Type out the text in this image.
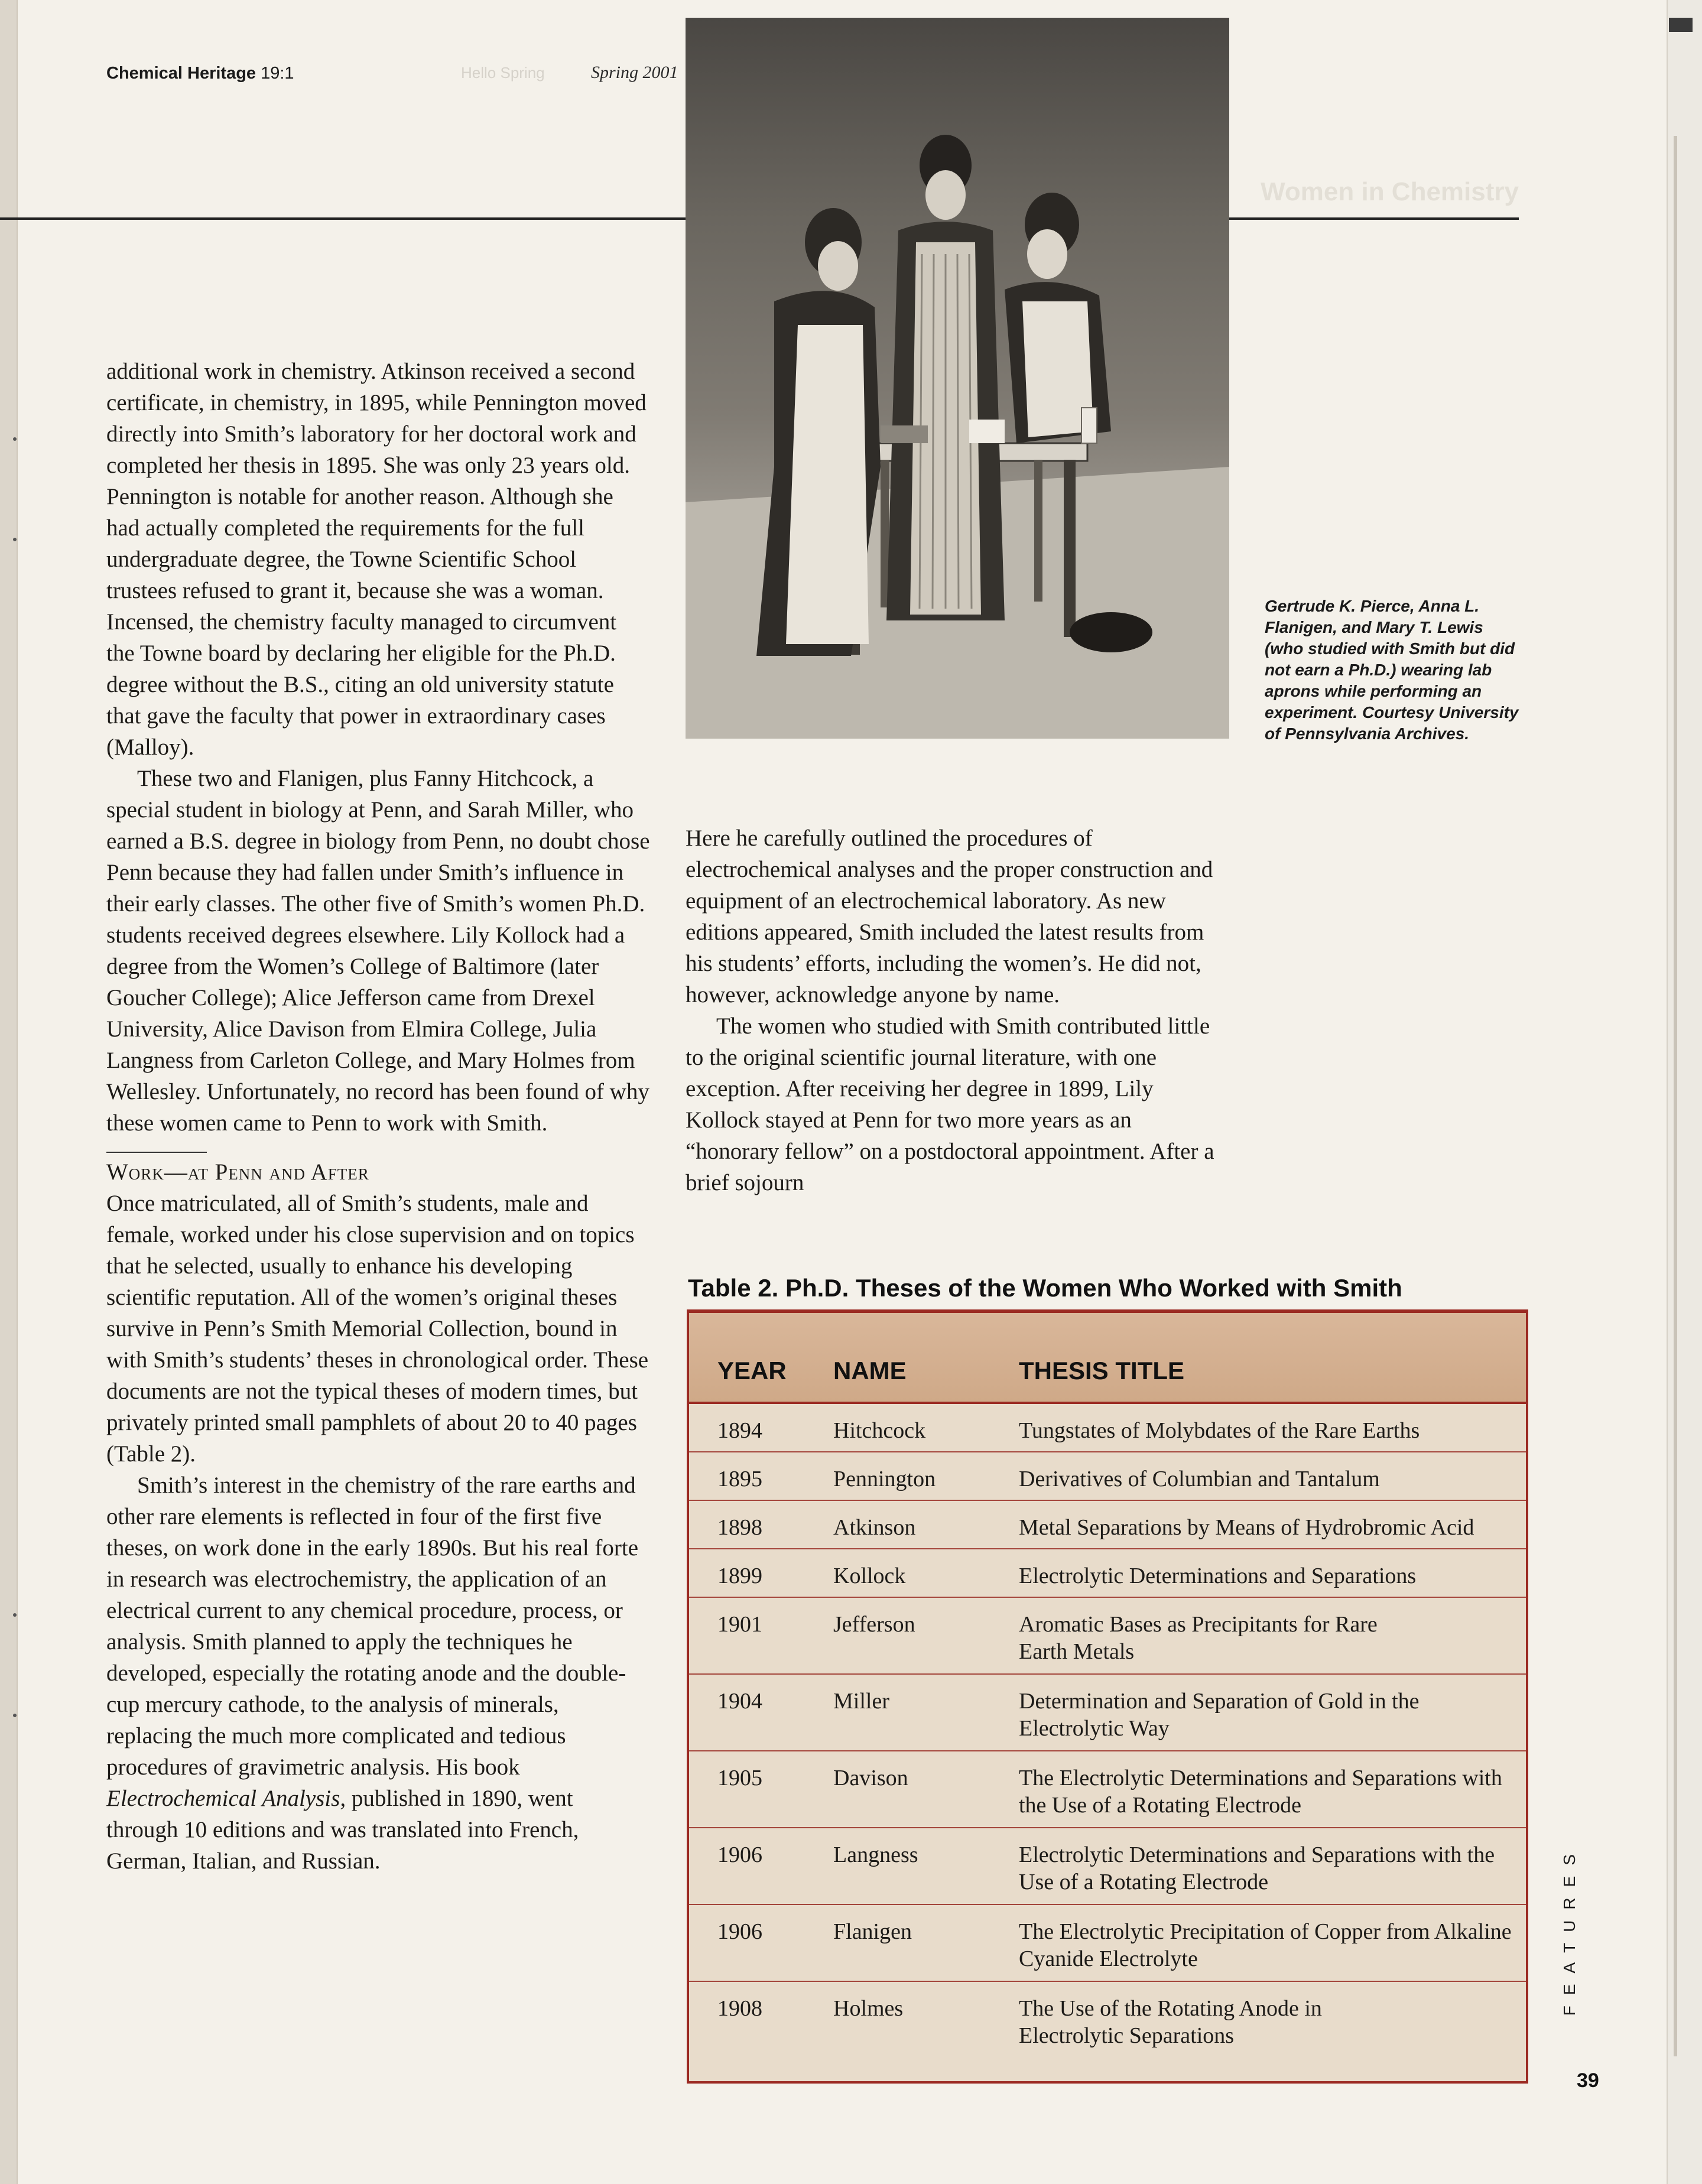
Chemical Heritage 19:1	Hello Spring	Spring 2001
Women in Chemistry
Gertrude K. Pierce, Anna L. Flanigen, and Mary T. Lewis (who studied with Smith but did not earn a Ph.D.) wearing lab aprons while performing an experiment. Courtesy University of Pennsylvania Archives.

additional work in chemistry. Atkinson received a second certificate, in chemistry, in 1895, while Pennington moved directly into Smith’s laboratory for her doctoral work and completed her thesis in 1895. She was only 23 years old. Pennington is notable for another reason. Although she had actually completed the requirements for the full undergraduate degree, the Towne Scientific School trustees refused to grant it, because she was a woman. Incensed, the chemistry faculty managed to circumvent the Towne board by declaring her eligible for the Ph.D. degree without the B.S., citing an old university statute that gave the faculty that power in extraordinary cases (Malloy).

These two and Flanigen, plus Fanny Hitchcock, a special student in biology at Penn, and Sarah Miller, who earned a B.S. degree in biology from Penn, no doubt chose Penn because they had fallen under Smith’s influence in their early classes. The other five of Smith’s women Ph.D. students received degrees elsewhere. Lily Kollock had a degree from the Women’s College of Baltimore (later Goucher College); Alice Jefferson came from Drexel University, Alice Davison from Elmira College, Julia Langness from Carleton College, and Mary Holmes from Wellesley. Unfortunately, no record has been found of why these women came to Penn to work with Smith.

Work—at Penn and After

Once matriculated, all of Smith’s students, male and female, worked under his close supervision and on topics that he selected, usually to enhance his developing scientific reputation. All of the women’s original theses survive in Penn’s Smith Memorial Collection, bound in with Smith’s students’ theses in chronological order. These documents are not the typical theses of modern times, but privately printed small pamphlets of about 20 to 40 pages (Table 2).

Smith’s interest in the chemistry of the rare earths and other rare elements is reflected in four of the first five theses, on work done in the early 1890s. But his real forte in research was electrochemistry, the application of an electrical current to any chemical procedure, process, or analysis. Smith planned to apply the techniques he developed, especially the rotating anode and the double-cup mercury cathode, to the analysis of minerals, replacing the much more complicated and tedious procedures of gravimetric analysis. His book Electrochemical Analysis, published in 1890, went through 10 editions and was translated into French, German, Italian, and Russian.

Here he carefully outlined the procedures of electrochemical analyses and the proper construction and equipment of an electrochemical laboratory. As new editions appeared, Smith included the latest results from his students’ efforts, including the women’s. He did not, however, acknowledge anyone by name.

The women who studied with Smith contributed little to the original scientific journal literature, with one exception. After receiving her degree in 1899, Lily Kollock stayed at Penn for two more years as an “honorary fellow” on a postdoctoral appointment. After a brief sojourn

Table 2. Ph.D. Theses of the Women Who Worked with Smith
YEAR NAME	THESIS TITLE
1894	Hitchcock	Tungstates of Molybdates of the Rare Earths
1895	Pennington	Derivatives of Columbian and Tantalum
1898	Atkinson	Metal Separations by Means of Hydrobromic Acid
1899	Kollock	Electrolytic Determinations and Separations
1901	Jefferson	Aromatic Bases as Precipitants for Rare Earth Metals
1904	Miller	Determination and Separation of Gold in the Electrolytic Way
1905	Davison	The Electrolytic Determinations and Separations with the Use of a Rotating Electrode
1906	Langness	Electrolytic Determinations and Separations with the Use of a Rotating Electrode
1906	Flanigen	The Electrolytic Precipitation of Copper from Alkaline Cyanide Electrolyte
1908	Holmes	The Use of the Rotating Anode in Electrolytic Separations
FEATURES
39
